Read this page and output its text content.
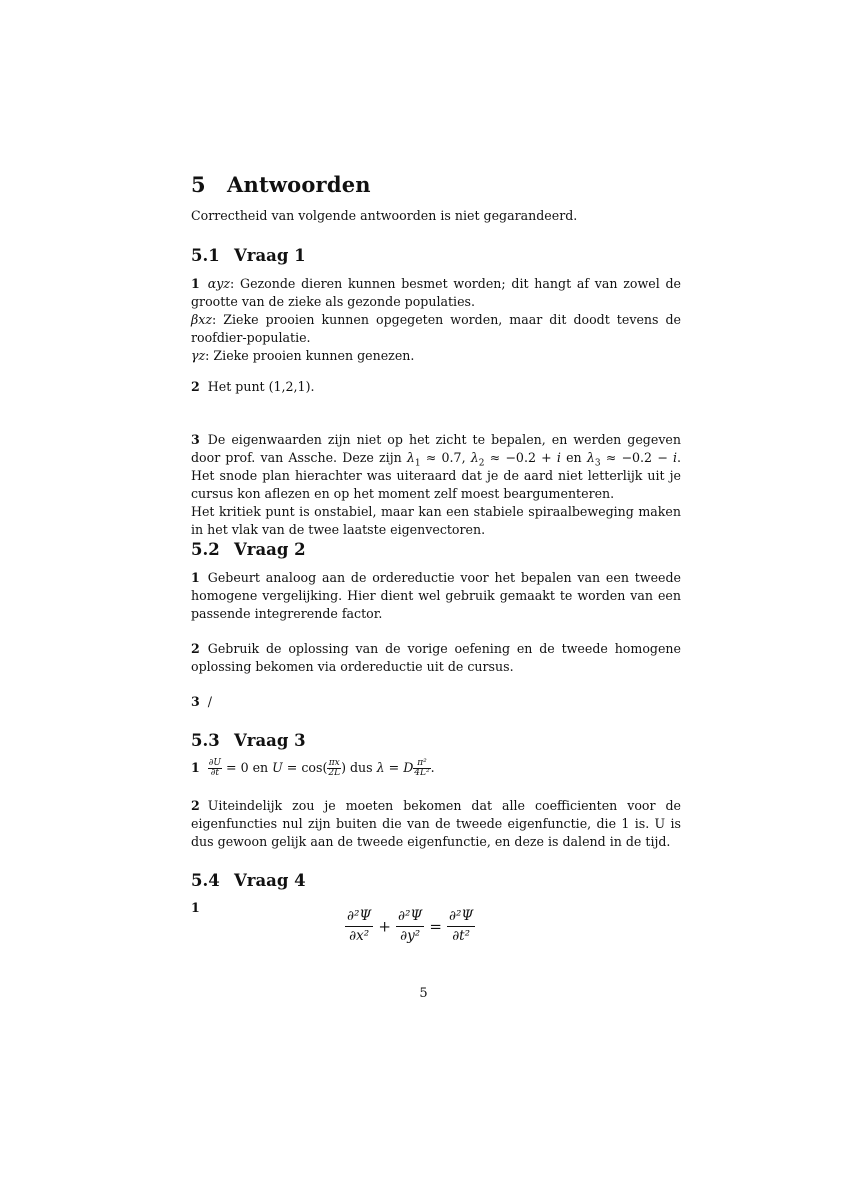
5 Antwoorden
Correctheid van volgende antwoorden is niet gegarandeerd.
5.1 Vraag 1
1 αyz: Gezonde dieren kunnen besmet worden; dit hangt af van zowel de grootte van de zieke als gezonde populaties.
βxz: Zieke prooien kunnen opgegeten worden, maar dit doodt tevens de roofdier-populatie.
γz: Zieke prooien kunnen genezen.
2 Het punt (1,2,1).
3 De eigenwaarden zijn niet op het zicht te bepalen, en werden gegeven door prof. van Assche. Deze zijn $\lambda_1 \approx 0.7$, $\lambda_2 \approx -0.2 + i$ en $\lambda_3 \approx -0.2 - i$. Het snode plan hierachter was uiteraard dat je de aard niet letterlijk uit je cursus kon aflezen en op het moment zelf moest beargumenteren.
Het kritiek punt is onstabiel, maar kan een stabiele spiraalbeweging maken in het vlak van de twee laatste eigenvectoren.
5.2 Vraag 2
1 Gebeurt analoog aan de ordereductie voor het bepalen van een tweede homogene vergelijking. Hier dient wel gebruik gemaakt te worden van een passende integrerende factor.
2 Gebruik de oplossing van de vorige oefening en de tweede homogene oplossing bekomen via ordereductie uit de cursus.
3 /
5.3 Vraag 3
$1 \frac{\partial U}{\partial t} = 0$ en $U = \cos( \frac{\pi x}{2L}$ ) dus λ = D $\frac{\text{π²}}{\text{4L²}}$ .
2 Uiteindelijk zou je moeten bekomen dat alle coefficienten voor de eigenfuncties nul zijn buiten die van de tweede eigenfunctie, die 1 is. U is dus gewoon gelijk aan de tweede eigenfunctie, en deze is dalend in de tijd.
5.4 Vraag 4
1	$\frac{\text{∂²Ψ}}{\text{∂x²}} + \frac{\text{∂²Ψ}}{\text{∂y²}} = \frac{\text{∂²Ψ}}{\text{∂t²}}$
5
